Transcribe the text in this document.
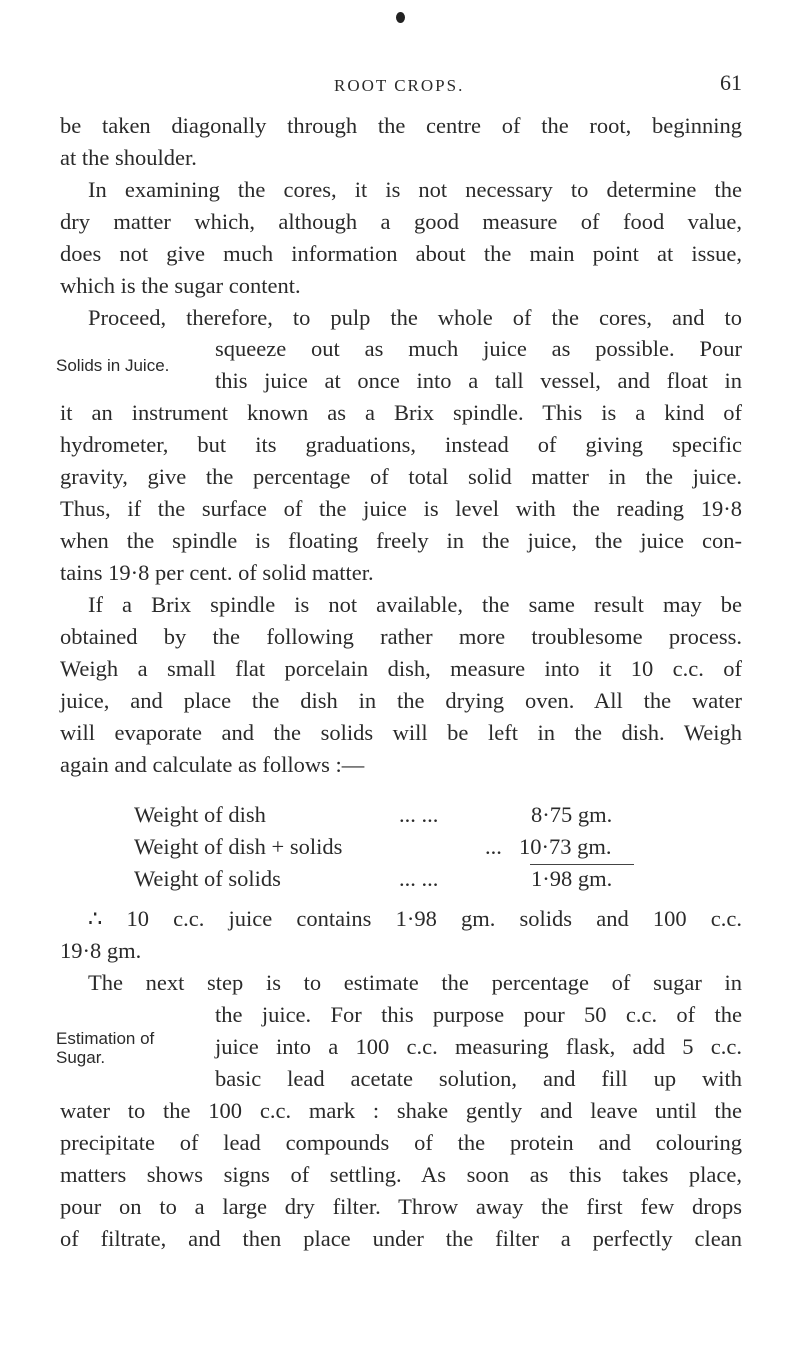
ROOT CROPS.	61
be taken diagonally through the centre of the root, beginning
at the shoulder.
In examining the cores, it is not necessary to determine the
dry matter which, although a good measure of food value,
does not give much information about the main point at issue,
which is the sugar content.
Proceed, therefore, to pulp the whole of the cores, and to
Solids in Juice.
squeeze out as much juice as possible. Pour
this juice at once into a tall vessel, and float in
it an instrument known as a Brix spindle. This is a kind of
hydrometer, but its graduations, instead of giving specific
gravity, give the percentage of total solid matter in the juice.
Thus, if the surface of the juice is level with the reading 19·8
when the spindle is floating freely in the juice, the juice con-
tains 19·8 per cent. of solid matter.
If a Brix spindle is not available, the same result may be
obtained by the following rather more troublesome process.
Weigh a small flat porcelain dish, measure into it 10 c.c. of
juice, and place the dish in the drying oven. All the water
will evaporate and the solids will be left in the dish. Weigh
again and calculate as follows :—
Weight of dish	... ...	8·75 gm.
Weight of dish + solids	... 10·73 gm.
Weight of solids	... ...	1·98 gm.
∴ 10 c.c. juice contains 1·98 gm. solids and 100 c.c.
19·8 gm.
The next step is to estimate the percentage of sugar in
Estimation of
Sugar.
the juice. For this purpose pour 50 c.c. of the
juice into a 100 c.c. measuring flask, add 5 c.c.
basic lead acetate solution, and fill up with
water to the 100 c.c. mark : shake gently and leave until the
precipitate of lead compounds of the protein and colouring
matters shows signs of settling. As soon as this takes place,
pour on to a large dry filter. Throw away the first few drops
of filtrate, and then place under the filter a perfectly clean
